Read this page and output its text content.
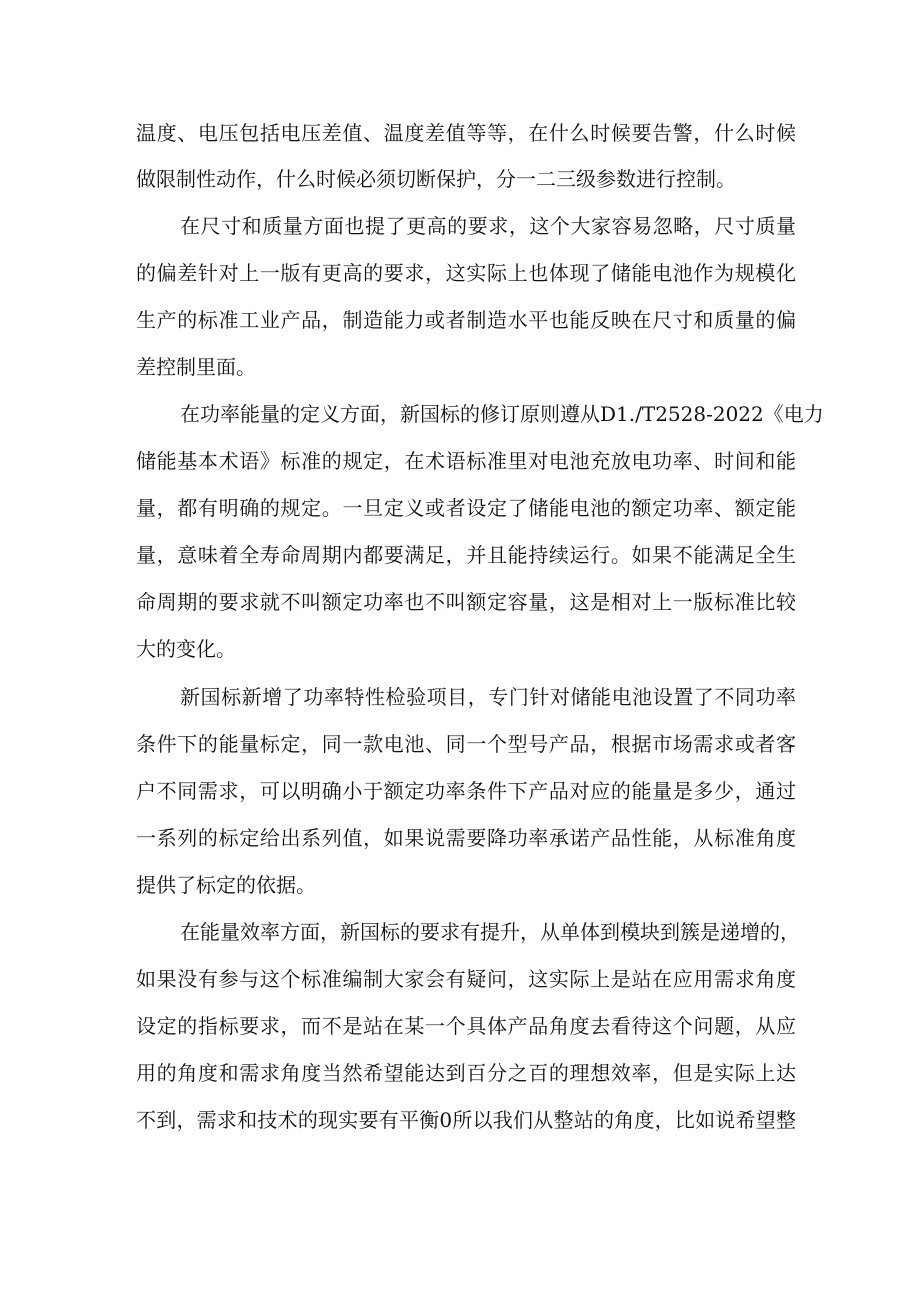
温度、电压包括电压差值、温度差值等等，在什么时候要告警，什么时候
做限制性动作，什么时候必须切断保护，分一二三级参数进行控制。
在尺寸和质量方面也提了更高的要求，这个大家容易忽略，尺寸质量
的偏差针对上一版有更高的要求，这实际上也体现了储能电池作为规模化
生产的标准工业产品，制造能力或者制造水平也能反映在尺寸和质量的偏
差控制里面。
在功率能量的定义方面，新国标的修订原则遵从D1./T2528-2022《电力
储能基本术语》标准的规定，在术语标准里对电池充放电功率、时间和能
量，都有明确的规定。一旦定义或者设定了储能电池的额定功率、额定能
量，意味着全寿命周期内都要满足，并且能持续运行。如果不能满足全生
命周期的要求就不叫额定功率也不叫额定容量，这是相对上一版标准比较
大的变化。
新国标新增了功率特性检验项目，专门针对储能电池设置了不同功率
条件下的能量标定，同一款电池、同一个型号产品，根据市场需求或者客
户不同需求，可以明确小于额定功率条件下产品对应的能量是多少，通过
一系列的标定给出系列值，如果说需要降功率承诺产品性能，从标准角度
提供了标定的依据。
在能量效率方面，新国标的要求有提升，从单体到模块到簇是递增的，
如果没有参与这个标准编制大家会有疑问，这实际上是站在应用需求角度
设定的指标要求，而不是站在某一个具体产品角度去看待这个问题，从应
用的角度和需求角度当然希望能达到百分之百的理想效率，但是实际上达
不到，需求和技术的现实要有平衡0所以我们从整站的角度，比如说希望整
